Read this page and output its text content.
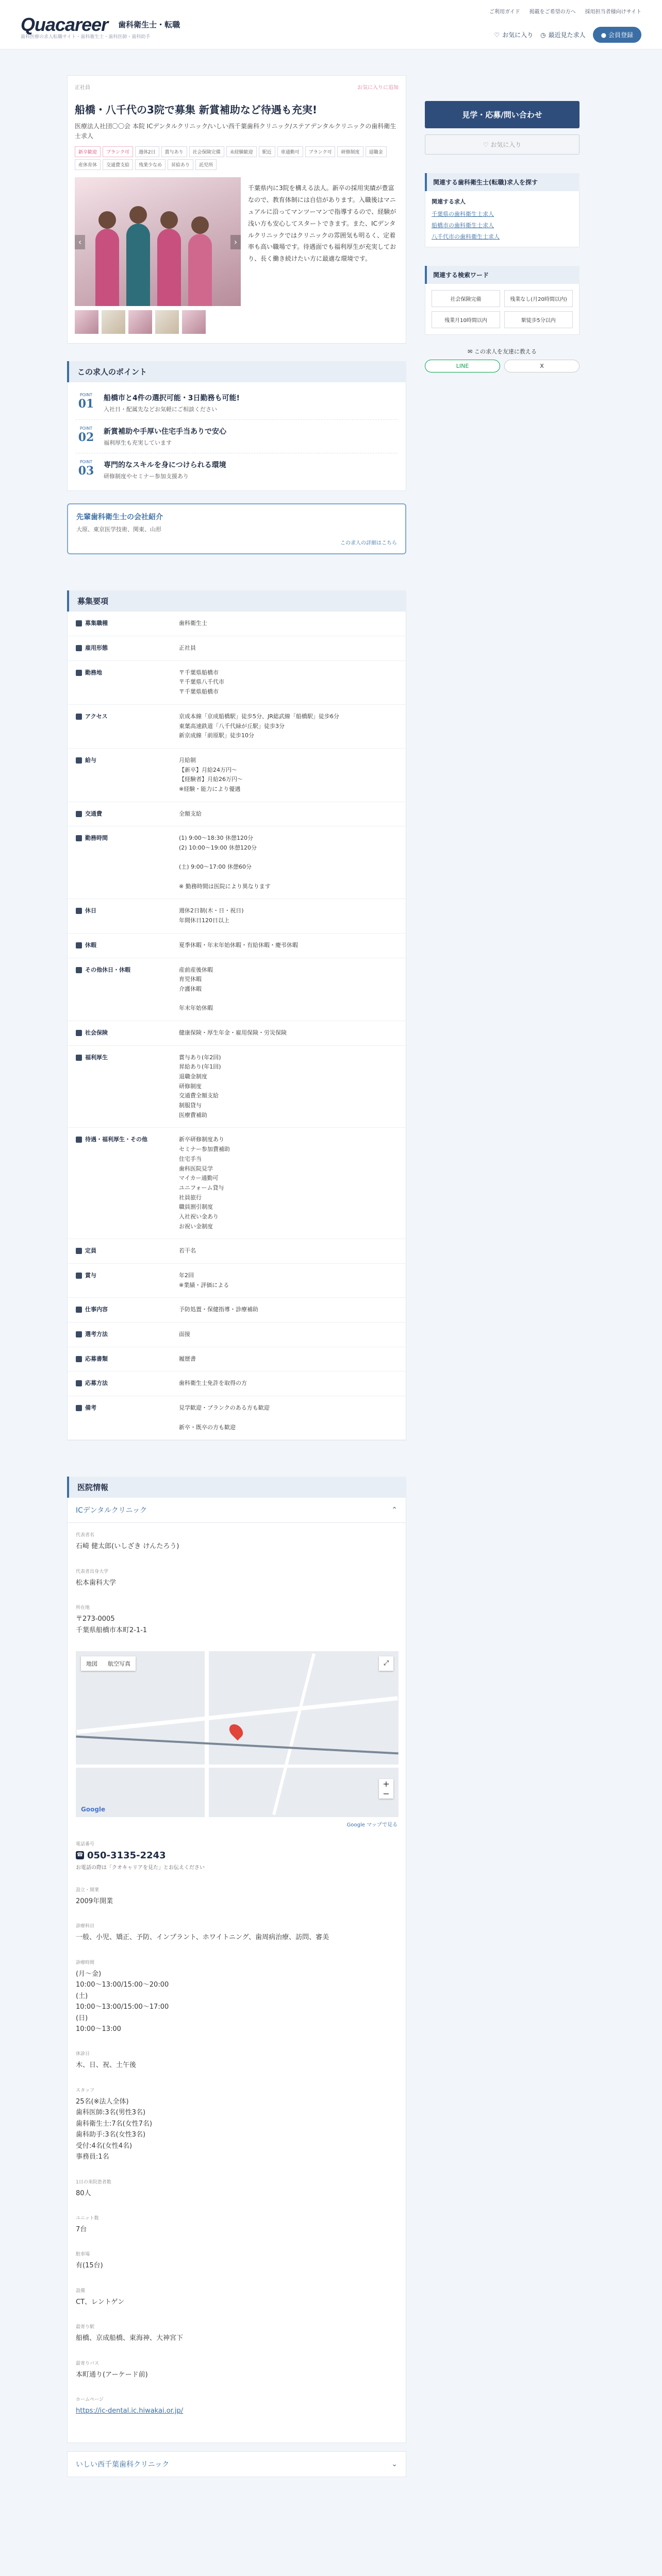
Quacareer 歯科衛生士・転職
歯科医療の求人転職サイト・歯科衛生士・歯科医師・歯科助手
ご利用ガイド 掲載をご希望の方へ 採用担当者様向けサイト
♡ お気に入り ◷ 最近見た求人	● 会員登録
正社員	お気に入りに追加
船橋・八千代の3院で募集 新賞補助など待遇も充実!
医療法人社団〇〇会 本院 ICデンタルクリニック/いしい西千葉歯科クリニック/ステアデンタルクリニックの歯科衛生士求人
新卒歓迎	ブランク可	週休2日	賞与あり	社会保険完備	未経験歓迎	駅近	車通勤可	ブランク可	研修制度	退職金
産休育休	交通費支給	残業少なめ	昇給あり	託児所
‹	›
千葉県内に3院を構える法人。新卒の採用実績が豊富なので、教育体制には自信があります。入職後はマニュアルに沿ってマンツーマンで指導するので、経験が浅い方も安心してスタートできます。また、ICデンタルクリニックではクリニックの雰囲気も明るく、定着率も高い職場です。待遇面でも福利厚生が充実しており、長く働き続けたい方に最適な環境です。
この求人のポイント
POINT
01	船橋市と4件の選択可能・3日勤務も可能!
入社日・配属先などお気軽にご相談ください
POINT
02	新賞補助や手厚い住宅手当ありで安心
福利厚生も充実しています
POINT
03	専門的なスキルを身につけられる環境
研修制度やセミナー参加支援あり
先輩歯科衛生士の会社紹介
大原、東京医学技術、関東、山形
この求人の詳細はこちら
募集要項
募集職種	歯科衛生士
雇用形態	正社員
勤務地	〒千葉県船橋市
〒千葉県八千代市
〒千葉県船橋市
アクセス	京成本線「京成船橋駅」徒歩5分、JR総武線「船橋駅」徒歩6分
東葉高速鉄道「八千代緑が丘駅」徒歩3分
新京成線「前原駅」徒歩10分
給与	月給制
【新卒】月給24万円〜
【経験者】月給26万円〜
※経験・能力により優遇
交通費	全額支給
勤務時間	(1) 9:00〜18:30 休憩120分
(2) 10:00〜19:00 休憩120分

(土) 9:00〜17:00 休憩60分

※ 勤務時間は医院により異なります
休日	週休2日制(木・日・祝日)
年間休日120日以上
休暇	夏季休暇・年末年始休暇・有給休暇・慶弔休暇
その他休日・休暇	産前産後休暇
育児休暇
介護休暇

年末年始休暇
社会保険	健康保険・厚生年金・雇用保険・労災保険
福利厚生	賞与あり(年2回)
昇給あり(年1回)
退職金制度
研修制度
交通費全額支給
制服貸与
医療費補助
待遇・福利厚生・その他	新卒研修制度あり
セミナー参加費補助
住宅手当
歯科医院見学
マイカー通勤可
ユニフォーム貸与
社員旅行
職員割引制度
入社祝い金あり
お祝い金制度
定員	若干名
賞与	年2回
※業績・評価による
仕事内容	予防処置・保健指導・診療補助
選考方法	面接
応募書類	履歴書
応募方法	歯科衛生士免許を取得の方
備考	見学歓迎・ブランクのある方も歓迎

新卒・既卒の方も歓迎
医院情報
ICデンタルクリニック	⌃
代表者名
石崎 健太郎(いしざき けんたろう)
代表者出身大学
松本歯科大学
所在地
〒273-0005
千葉県船橋市本町2-1-1
地図	航空写真	⤢
+
−
Google
Google マップで見る
電話番号
☎ 050-3135-2243
お電話の際は「クオキャリアを見た」とお伝えください
設立・開業
2009年開業
診療科目
一般、小児、矯正、予防、インプラント、ホワイトニング、歯周病治療、訪問、審美
診療時間
(月〜金)
10:00〜13:00/15:00〜20:00
(土)
10:00〜13:00/15:00〜17:00
(日)
10:00〜13:00
休診日
木、日、祝、土午後
スタッフ
25名(※法人全体)
歯科医師:3名(男性3名)
歯科衛生士:7名(女性7名)
歯科助手:3名(女性3名)
受付:4名(女性4名)
事務員:1名
1日の来院患者数
80人
ユニット数
7台
駐車場
有(15台)
設備
CT、レントゲン
最寄り駅
船橋、京成船橋、東海神、大神宮下
最寄りバス
本町通り(アーケード前)
ホームページ
https://ic-dental.ic.hiwakai.or.jp/
いしい西千葉歯科クリニック	⌄
見学・応募/問い合わせ
♡ お気に入り
関連する歯科衛生士(転職)求人を探す
関連する求人
千葉県の歯科衛生士求人
船橋市の歯科衛生士求人
八千代市の歯科衛生士求人
関連する検索ワード
社会保険完備	残業なし(月20時間以内)
残業月10時間以内	駅徒歩5分以内
✉ この求人を友達に教える
LINE	X
